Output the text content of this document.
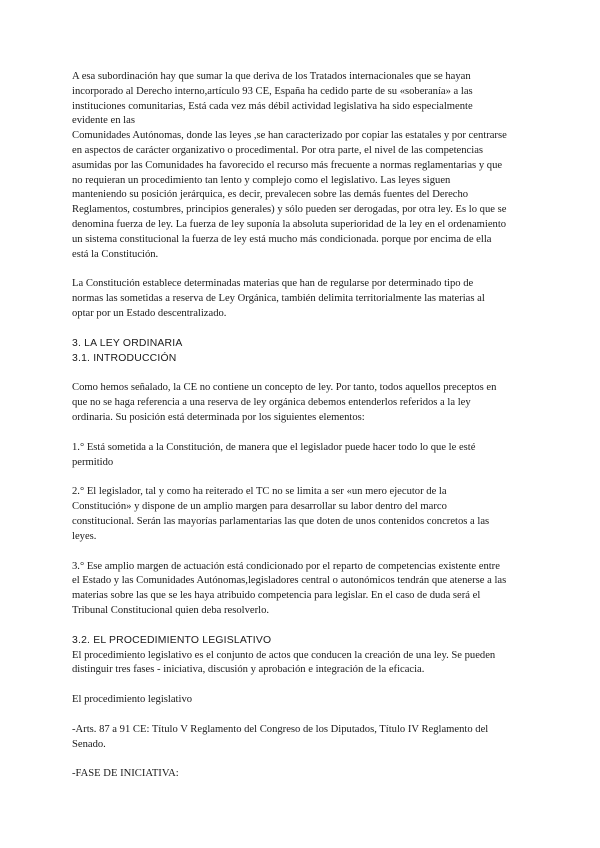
A esa subordinación hay que sumar la que deriva de los Tratados internacionales que se hayan
incorporado al Derecho interno,artículo 93 CE, España ha cedido parte de su «soberanía» a las
instituciones comunitarias, Está cada vez más débil actividad legislativa ha sido especialmente
evidente en las
Comunidades Autónomas, donde las leyes ,se han caracterizado por copiar las estatales y por centrarse
en aspectos de carácter organizativo o procedimental. Por otra parte, el nivel de las competencias
asumidas por las Comunidades ha favorecido el recurso más frecuente a normas reglamentarias y que
no requieran un procedimiento tan lento y complejo como el legislativo. Las leyes siguen
manteniendo su posición jerárquica, es decir, prevalecen sobre las demás fuentes del Derecho
Reglamentos, costumbres, principios generales) y sólo pueden ser derogadas, por otra ley. Es lo que se
denomina fuerza de ley. La fuerza de ley suponía la absoluta superioridad de la ley en el ordenamiento
un sistema constitucional la fuerza de ley está mucho más condicionada. porque por encima de ella
está la Constitución.

La Constitución establece determinadas materias que han de regularse por determinado tipo de
normas las sometidas a reserva de Ley Orgánica, también delimita territorialmente las materias al
optar por un Estado descentralizado.

3. LA LEY ORDINARIA

3.1. INTRODUCCIÓN

Como hemos señalado, la CE no contiene un concepto de ley. Por tanto, todos aquellos preceptos en
que no se haga referencia a una reserva de ley orgánica debemos entenderlos referidos a la ley
ordinaria. Su posición está determinada por los siguientes elementos:

1.° Está sometida a la Constitución, de manera que el legislador puede hacer todo lo que le esté
permitido

2.° El legislador, tal y como ha reiterado el TC no se limita a ser «un mero ejecutor de la
Constitución» y dispone de un amplio margen para desarrollar su labor dentro del marco
constitucional. Serán las mayorías parlamentarias las que doten de unos contenidos concretos a las
leyes.

3.° Ese amplio margen de actuación está condicionado por el reparto de competencias existente entre
el Estado y las Comunidades Autónomas,legisladores central o autonómicos tendrán que atenerse a las
materias sobre las que se les haya atribuido competencia para legislar. En el caso de duda será el
Tribunal Constitucional quien deba resolverlo.

3.2. EL PROCEDIMIENTO LEGISLATIVO

El procedimiento legislativo es el conjunto de actos que conducen la creación de una ley. Se pueden
distinguir tres fases - iniciativa, discusión y aprobación e integración de la eficacia.

El procedimiento legislativo

-Arts. 87 a 91 CE: Título V Reglamento del Congreso de los Diputados, Título IV Reglamento del
Senado.

-FASE DE INICIATIVA:
